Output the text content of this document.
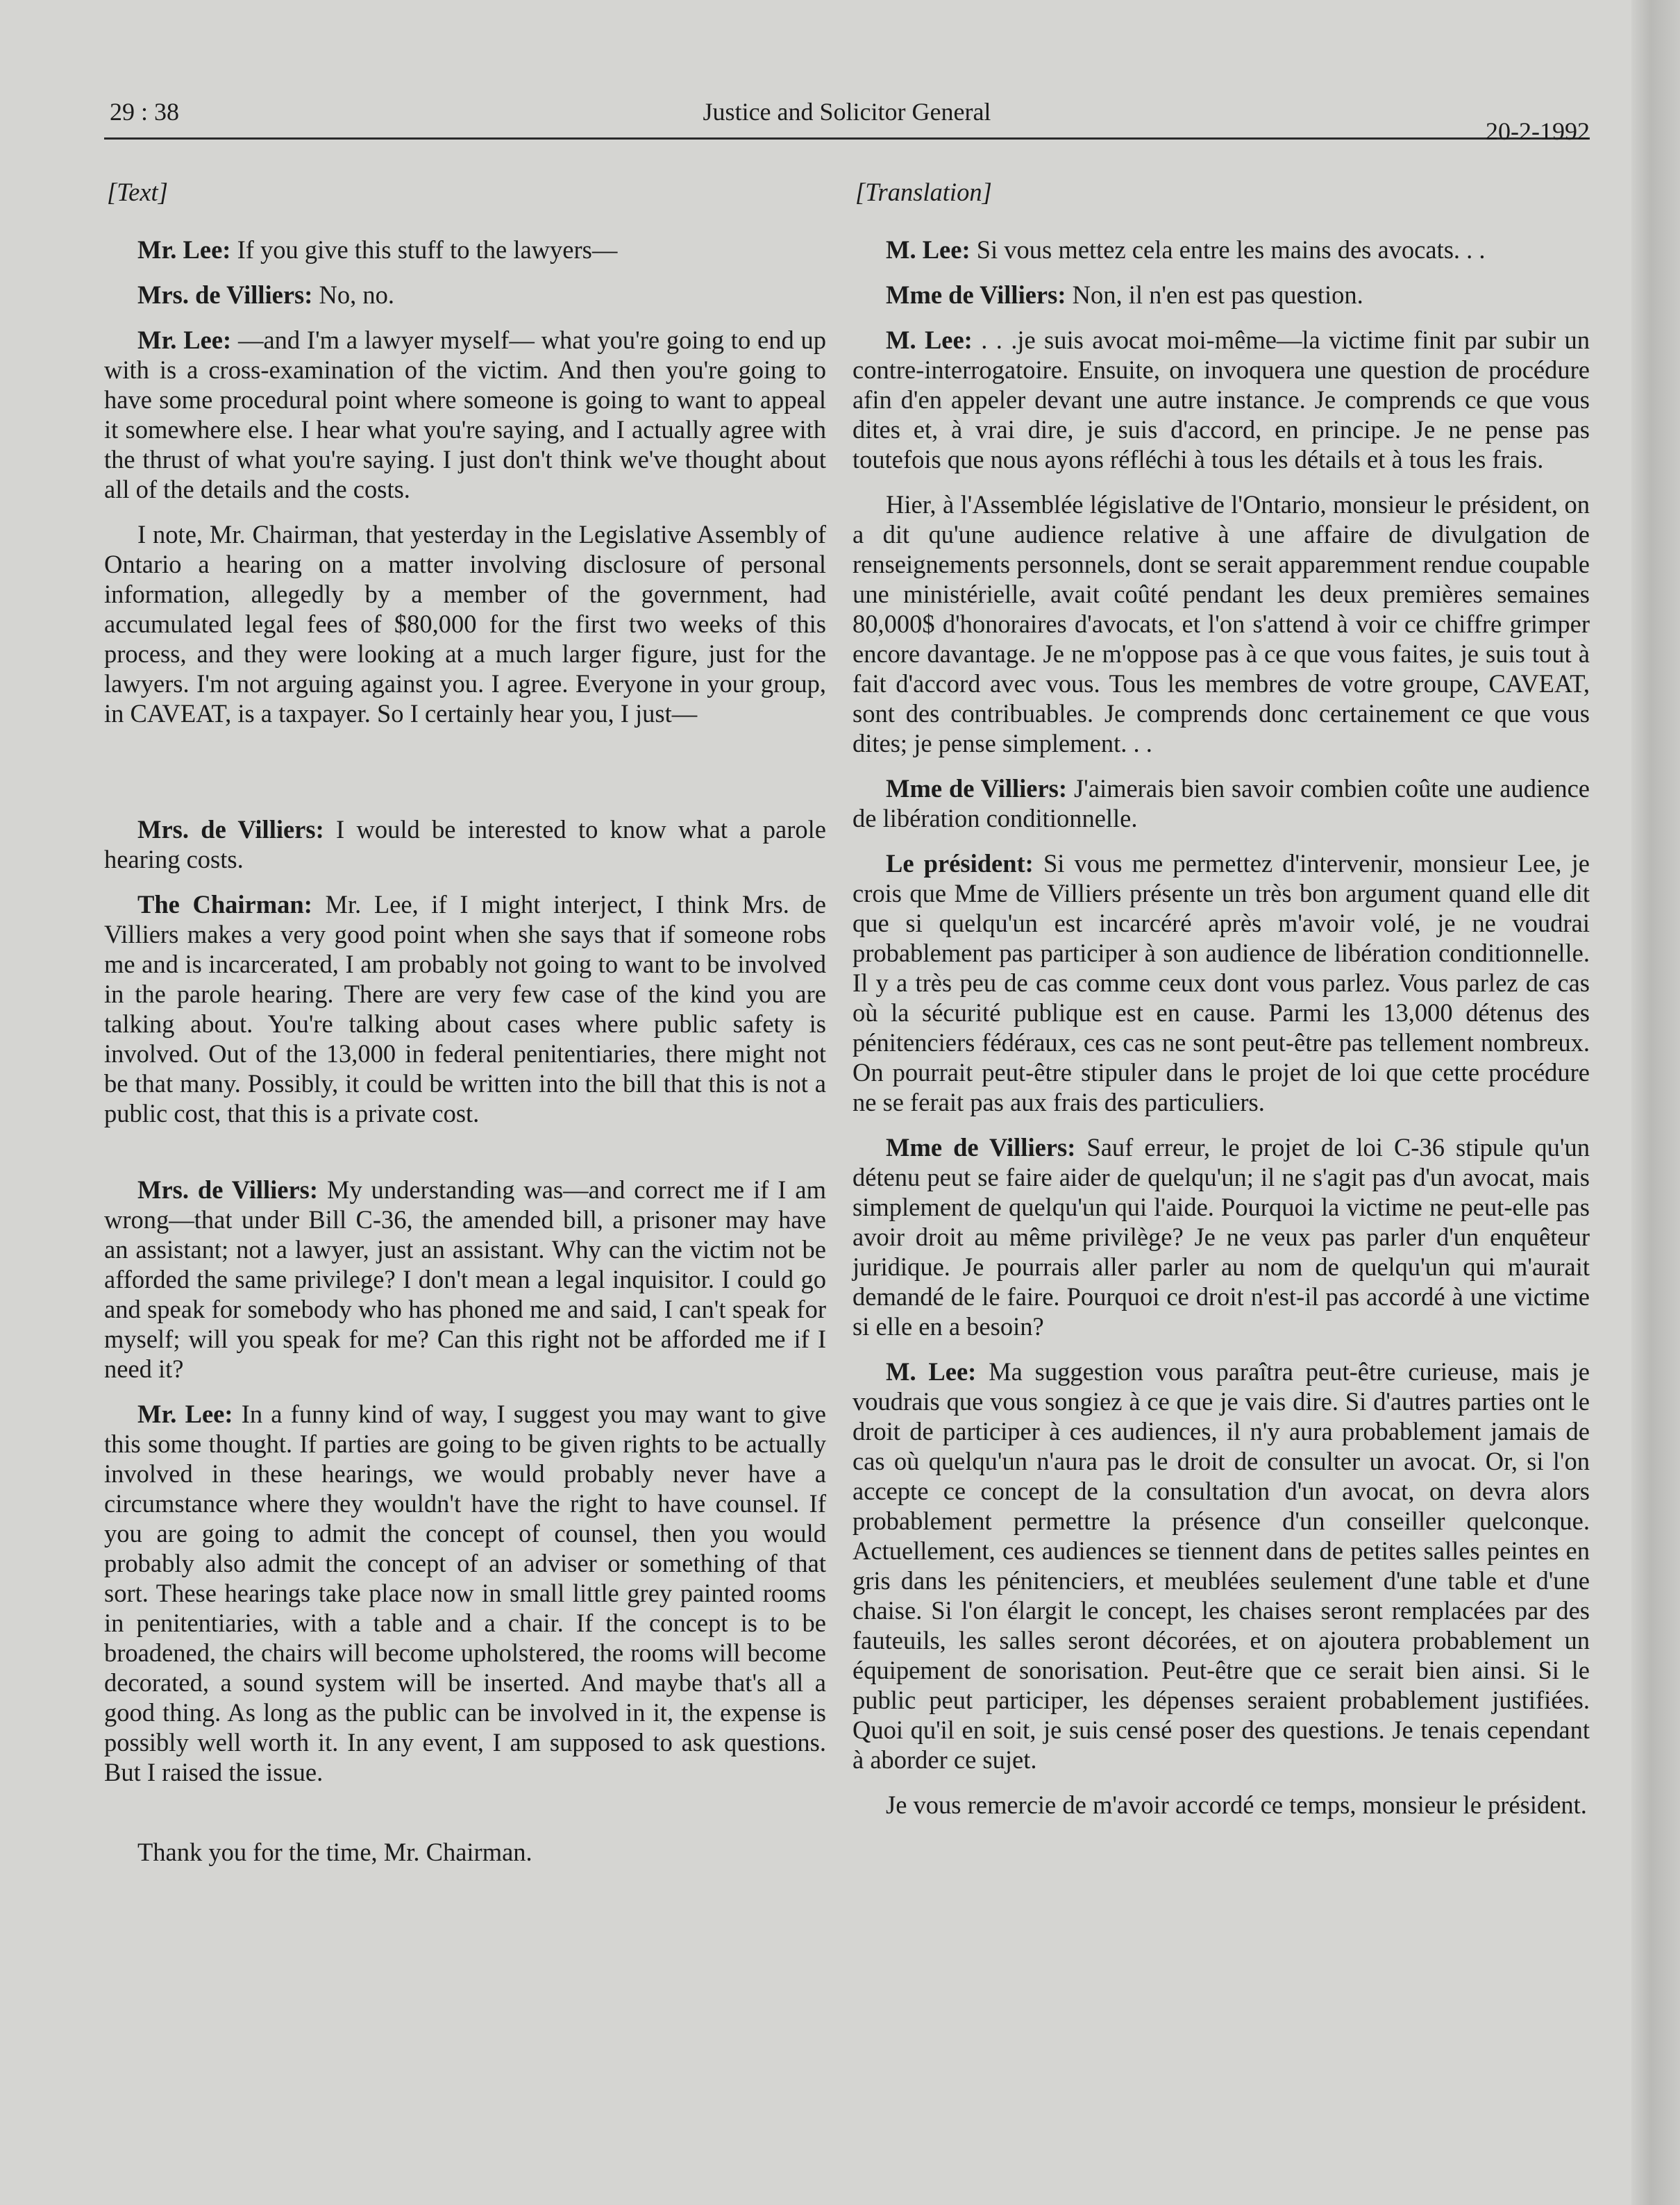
29 : 38	Justice and Solicitor General
20-2-1992
[Text]

Mr. Lee: If you give this stuff to the lawyers—

Mrs. de Villiers: No, no.

Mr. Lee: —and I'm a lawyer myself— what you're going to end up with is a cross-examination of the victim. And then you're going to have some procedural point where someone is going to want to appeal it somewhere else. I hear what you're saying, and I actually agree with the thrust of what you're saying. I just don't think we've thought about all of the details and the costs.

I note, Mr. Chairman, that yesterday in the Legislative Assembly of Ontario a hearing on a matter involving disclosure of personal information, allegedly by a member of the government, had accumulated legal fees of $80,000 for the first two weeks of this process, and they were looking at a much larger figure, just for the lawyers. I'm not arguing against you. I agree. Everyone in your group, in CAVEAT, is a taxpayer. So I certainly hear you, I just—

Mrs. de Villiers: I would be interested to know what a parole hearing costs.

The Chairman: Mr. Lee, if I might interject, I think Mrs. de Villiers makes a very good point when she says that if someone robs me and is incarcerated, I am probably not going to want to be involved in the parole hearing. There are very few case of the kind you are talking about. You're talking about cases where public safety is involved. Out of the 13,000 in federal penitentiaries, there might not be that many. Possibly, it could be written into the bill that this is not a public cost, that this is a private cost.

Mrs. de Villiers: My understanding was—and correct me if I am wrong—that under Bill C-36, the amended bill, a prisoner may have an assistant; not a lawyer, just an assistant. Why can the victim not be afforded the same privilege? I don't mean a legal inquisitor. I could go and speak for somebody who has phoned me and said, I can't speak for myself; will you speak for me? Can this right not be afforded me if I need it?

Mr. Lee: In a funny kind of way, I suggest you may want to give this some thought. If parties are going to be given rights to be actually involved in these hearings, we would probably never have a circumstance where they wouldn't have the right to have counsel. If you are going to admit the concept of counsel, then you would probably also admit the concept of an adviser or something of that sort. These hearings take place now in small little grey painted rooms in penitentiaries, with a table and a chair. If the concept is to be broadened, the chairs will become upholstered, the rooms will become decorated, a sound system will be inserted. And maybe that's all a good thing. As long as the public can be involved in it, the expense is possibly well worth it. In any event, I am supposed to ask questions. But I raised the issue.

Thank you for the time, Mr. Chairman.

[Translation]

M. Lee: Si vous mettez cela entre les mains des avocats. . .

Mme de Villiers: Non, il n'en est pas question.

M. Lee: . . .je suis avocat moi-même—la victime finit par subir un contre-interrogatoire. Ensuite, on invoquera une question de procédure afin d'en appeler devant une autre instance. Je comprends ce que vous dites et, à vrai dire, je suis d'accord, en principe. Je ne pense pas toutefois que nous ayons réfléchi à tous les détails et à tous les frais.

Hier, à l'Assemblée législative de l'Ontario, monsieur le président, on a dit qu'une audience relative à une affaire de divulgation de renseignements personnels, dont se serait apparemment rendue coupable une ministérielle, avait coûté pendant les deux premières semaines 80,000$ d'honoraires d'avocats, et l'on s'attend à voir ce chiffre grimper encore davantage. Je ne m'oppose pas à ce que vous faites, je suis tout à fait d'accord avec vous. Tous les membres de votre groupe, CAVEAT, sont des contribuables. Je comprends donc certainement ce que vous dites; je pense simplement. . .

Mme de Villiers: J'aimerais bien savoir combien coûte une audience de libération conditionnelle.

Le président: Si vous me permettez d'intervenir, monsieur Lee, je crois que Mme de Villiers présente un très bon argument quand elle dit que si quelqu'un est incarcéré après m'avoir volé, je ne voudrai probablement pas participer à son audience de libération conditionnelle. Il y a très peu de cas comme ceux dont vous parlez. Vous parlez de cas où la sécurité publique est en cause. Parmi les 13,000 détenus des pénitenciers fédéraux, ces cas ne sont peut-être pas tellement nombreux. On pourrait peut-être stipuler dans le projet de loi que cette procédure ne se ferait pas aux frais des particuliers.

Mme de Villiers: Sauf erreur, le projet de loi C-36 stipule qu'un détenu peut se faire aider de quelqu'un; il ne s'agit pas d'un avocat, mais simplement de quelqu'un qui l'aide. Pourquoi la victime ne peut-elle pas avoir droit au même privilège? Je ne veux pas parler d'un enquêteur juridique. Je pourrais aller parler au nom de quelqu'un qui m'aurait demandé de le faire. Pourquoi ce droit n'est-il pas accordé à une victime si elle en a besoin?

M. Lee: Ma suggestion vous paraîtra peut-être curieuse, mais je voudrais que vous songiez à ce que je vais dire. Si d'autres parties ont le droit de participer à ces audiences, il n'y aura probablement jamais de cas où quelqu'un n'aura pas le droit de consulter un avocat. Or, si l'on accepte ce concept de la consultation d'un avocat, on devra alors probablement permettre la présence d'un conseiller quelconque. Actuellement, ces audiences se tiennent dans de petites salles peintes en gris dans les pénitenciers, et meublées seulement d'une table et d'une chaise. Si l'on élargit le concept, les chaises seront remplacées par des fauteuils, les salles seront décorées, et on ajoutera probablement un équipement de sonorisation. Peut-être que ce serait bien ainsi. Si le public peut participer, les dépenses seraient probablement justifiées. Quoi qu'il en soit, je suis censé poser des questions. Je tenais cependant à aborder ce sujet.

Je vous remercie de m'avoir accordé ce temps, monsieur le président.
